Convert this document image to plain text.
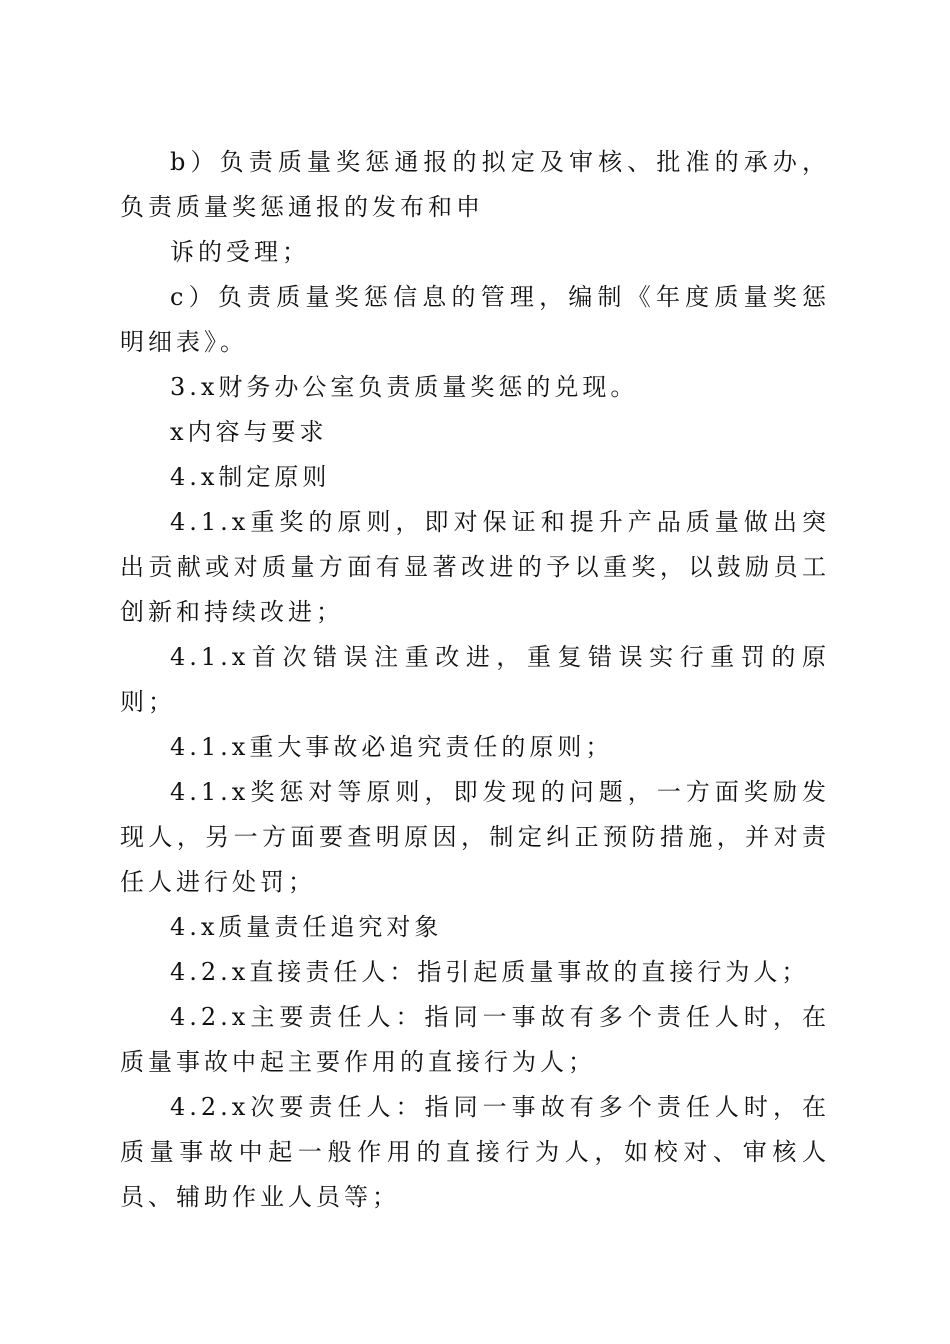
b）负责质量奖惩通报的拟定及审核、批准的承办，负责质量奖惩通报的发布和申

诉的受理；

c）负责质量奖惩信息的管理，编制《年度质量奖惩明细表》。

3.x财务办公室负责质量奖惩的兑现。

x内容与要求

4.x制定原则

4.1.x重奖的原则，即对保证和提升产品质量做出突出贡献或对质量方面有显著改进的予以重奖，以鼓励员工创新和持续改进；

4.1.x首次错误注重改进，重复错误实行重罚的原则；

4.1.x重大事故必追究责任的原则；

4.1.x奖惩对等原则，即发现的问题，一方面奖励发现人，另一方面要查明原因，制定纠正预防措施，并对责任人进行处罚；

4.x质量责任追究对象

4.2.x直接责任人：指引起质量事故的直接行为人；

4.2.x主要责任人：指同一事故有多个责任人时，在质量事故中起主要作用的直接行为人；

4.2.x次要责任人：指同一事故有多个责任人时，在质量事故中起一般作用的直接行为人，如校对、审核人员、辅助作业人员等；
